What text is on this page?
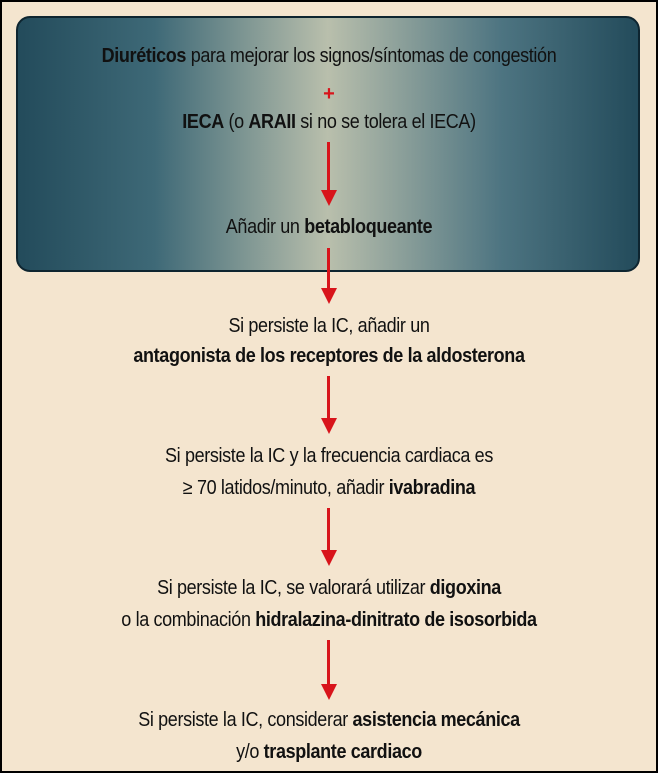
Diuréticos para mejorar los signos/síntomas de congestión
+
IECA (o ARAII si no se tolera el IECA)
Añadir un betabloqueante
Si persiste la IC, añadir un
antagonista de los receptores de la aldosterona
Si persiste la IC y la frecuencia cardiaca es
≥ 70 latidos/minuto, añadir ivabradina
Si persiste la IC, se valorará utilizar digoxina
o la combinación hidralazina-dinitrato de isosorbida
Si persiste la IC, considerar asistencia mecánica
y/o trasplante cardiaco
